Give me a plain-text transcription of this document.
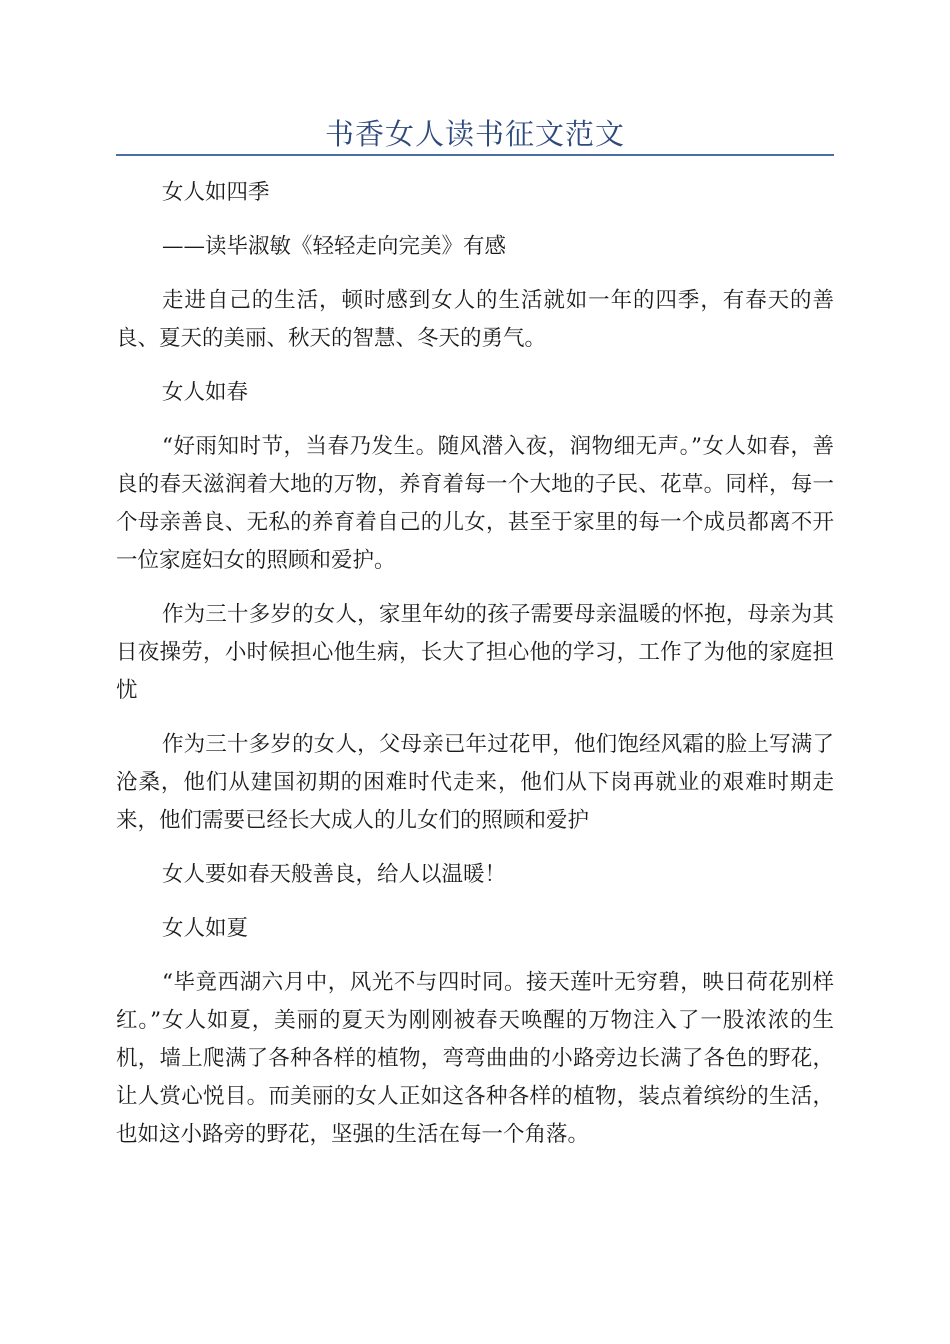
书香女人读书征文范文

女人如四季

——读毕淑敏《轻轻走向完美》有感

走进自己的生活，顿时感到女人的生活就如一年的四季，有春天的善良、夏天的美丽、秋天的智慧、冬天的勇气。

女人如春

“好雨知时节，当春乃发生。随风潜入夜，润物细无声。”女人如春，善良的春天滋润着大地的万物，养育着每一个大地的子民、花草。同样，每一个母亲善良、无私的养育着自己的儿女，甚至于家里的每一个成员都离不开一位家庭妇女的照顾和爱护。

作为三十多岁的女人，家里年幼的孩子需要母亲温暖的怀抱，母亲为其日夜操劳，小时候担心他生病，长大了担心他的学习，工作了为他的家庭担忧

作为三十多岁的女人，父母亲已年过花甲，他们饱经风霜的脸上写满了沧桑，他们从建国初期的困难时代走来，他们从下岗再就业的艰难时期走来，他们需要已经长大成人的儿女们的照顾和爱护

女人要如春天般善良，给人以温暖！

女人如夏

“毕竟西湖六月中，风光不与四时同。接天莲叶无穷碧，映日荷花别样红。”女人如夏，美丽的夏天为刚刚被春天唤醒的万物注入了一股浓浓的生机，墙上爬满了各种各样的植物，弯弯曲曲的小路旁边长满了各色的野花，让人赏心悦目。而美丽的女人正如这各种各样的植物，装点着缤纷的生活，也如这小路旁的野花，坚强的生活在每一个角落。
